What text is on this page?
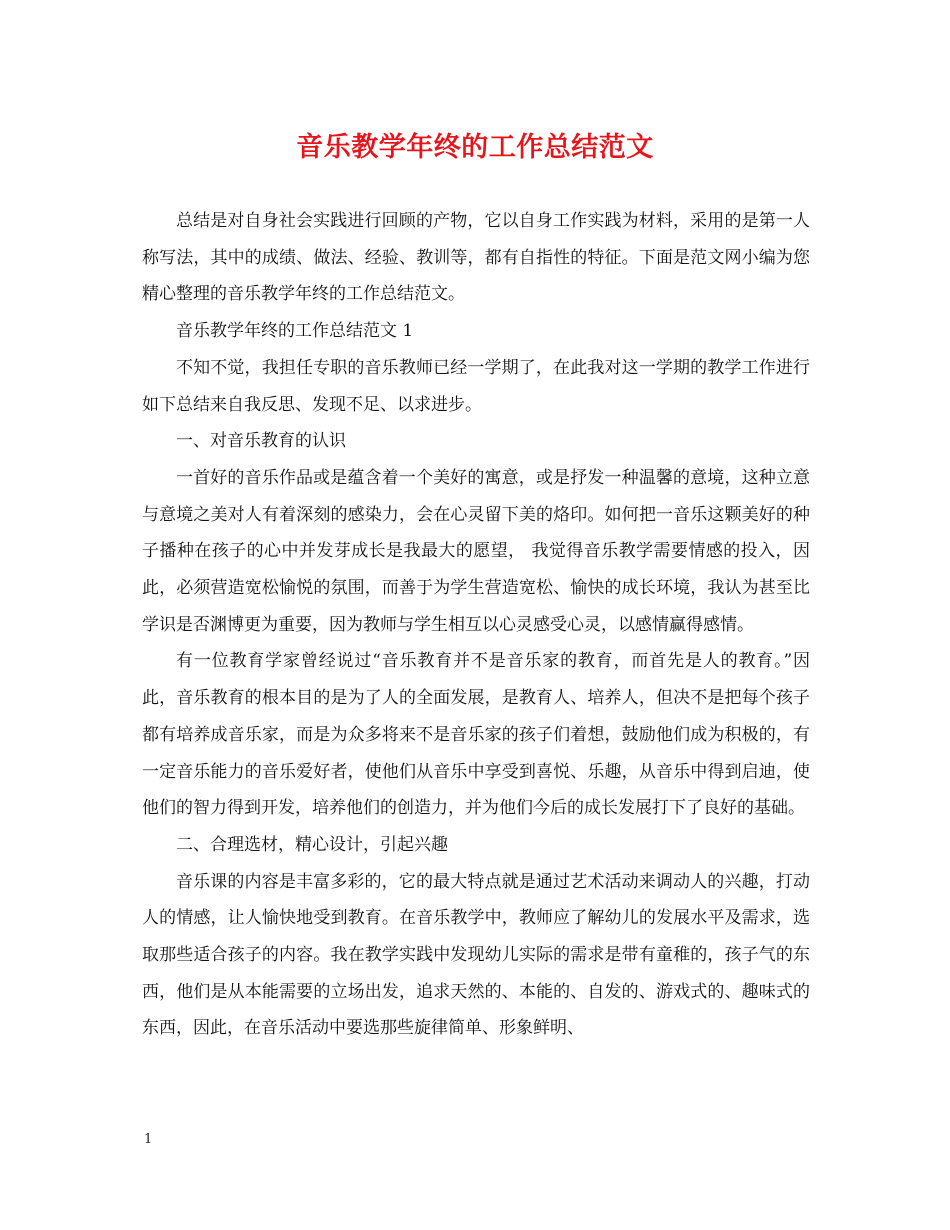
音乐教学年终的工作总结范文

总结是对自身社会实践进行回顾的产物，它以自身工作实践为材料，采用的是第一人称写法，其中的成绩、做法、经验、教训等，都有自指性的特征。下面是范文网小编为您精心整理的音乐教学年终的工作总结范文。

音乐教学年终的工作总结范文 1

不知不觉，我担任专职的音乐教师已经一学期了，在此我对这一学期的教学工作进行如下总结来自我反思、发现不足、以求进步。

一、对音乐教育的认识

一首好的音乐作品或是蕴含着一个美好的寓意，或是抒发一种温馨的意境，这种立意与意境之美对人有着深刻的感染力，会在心灵留下美的烙印。如何把一音乐这颗美好的种子播种在孩子的心中并发芽成长是我最大的愿望， 我觉得音乐教学需要情感的投入，因此，必须营造宽松愉悦的氛围，而善于为学生营造宽松、愉快的成长环境，我认为甚至比学识是否渊博更为重要，因为教师与学生相互以心灵感受心灵，以感情赢得感情。

有一位教育学家曾经说过“音乐教育并不是音乐家的教育，而首先是人的教育。”因此，音乐教育的根本目的是为了人的全面发展，是教育人、培养人，但决不是把每个孩子都有培养成音乐家，而是为众多将来不是音乐家的孩子们着想，鼓励他们成为积极的，有一定音乐能力的音乐爱好者，使他们从音乐中享受到喜悦、乐趣，从音乐中得到启迪，使他们的智力得到开发，培养他们的创造力，并为他们今后的成长发展打下了良好的基础。

二、合理选材，精心设计，引起兴趣

音乐课的内容是丰富多彩的，它的最大特点就是通过艺术活动来调动人的兴趣，打动人的情感，让人愉快地受到教育。在音乐教学中，教师应了解幼儿的发展水平及需求，选取那些适合孩子的内容。我在教学实践中发现幼儿实际的需求是带有童稚的，孩子气的东西，他们是从本能需要的立场出发，追求天然的、本能的、自发的、游戏式的、趣味式的东西，因此，在音乐活动中要选那些旋律简单、形象鲜明、

1
